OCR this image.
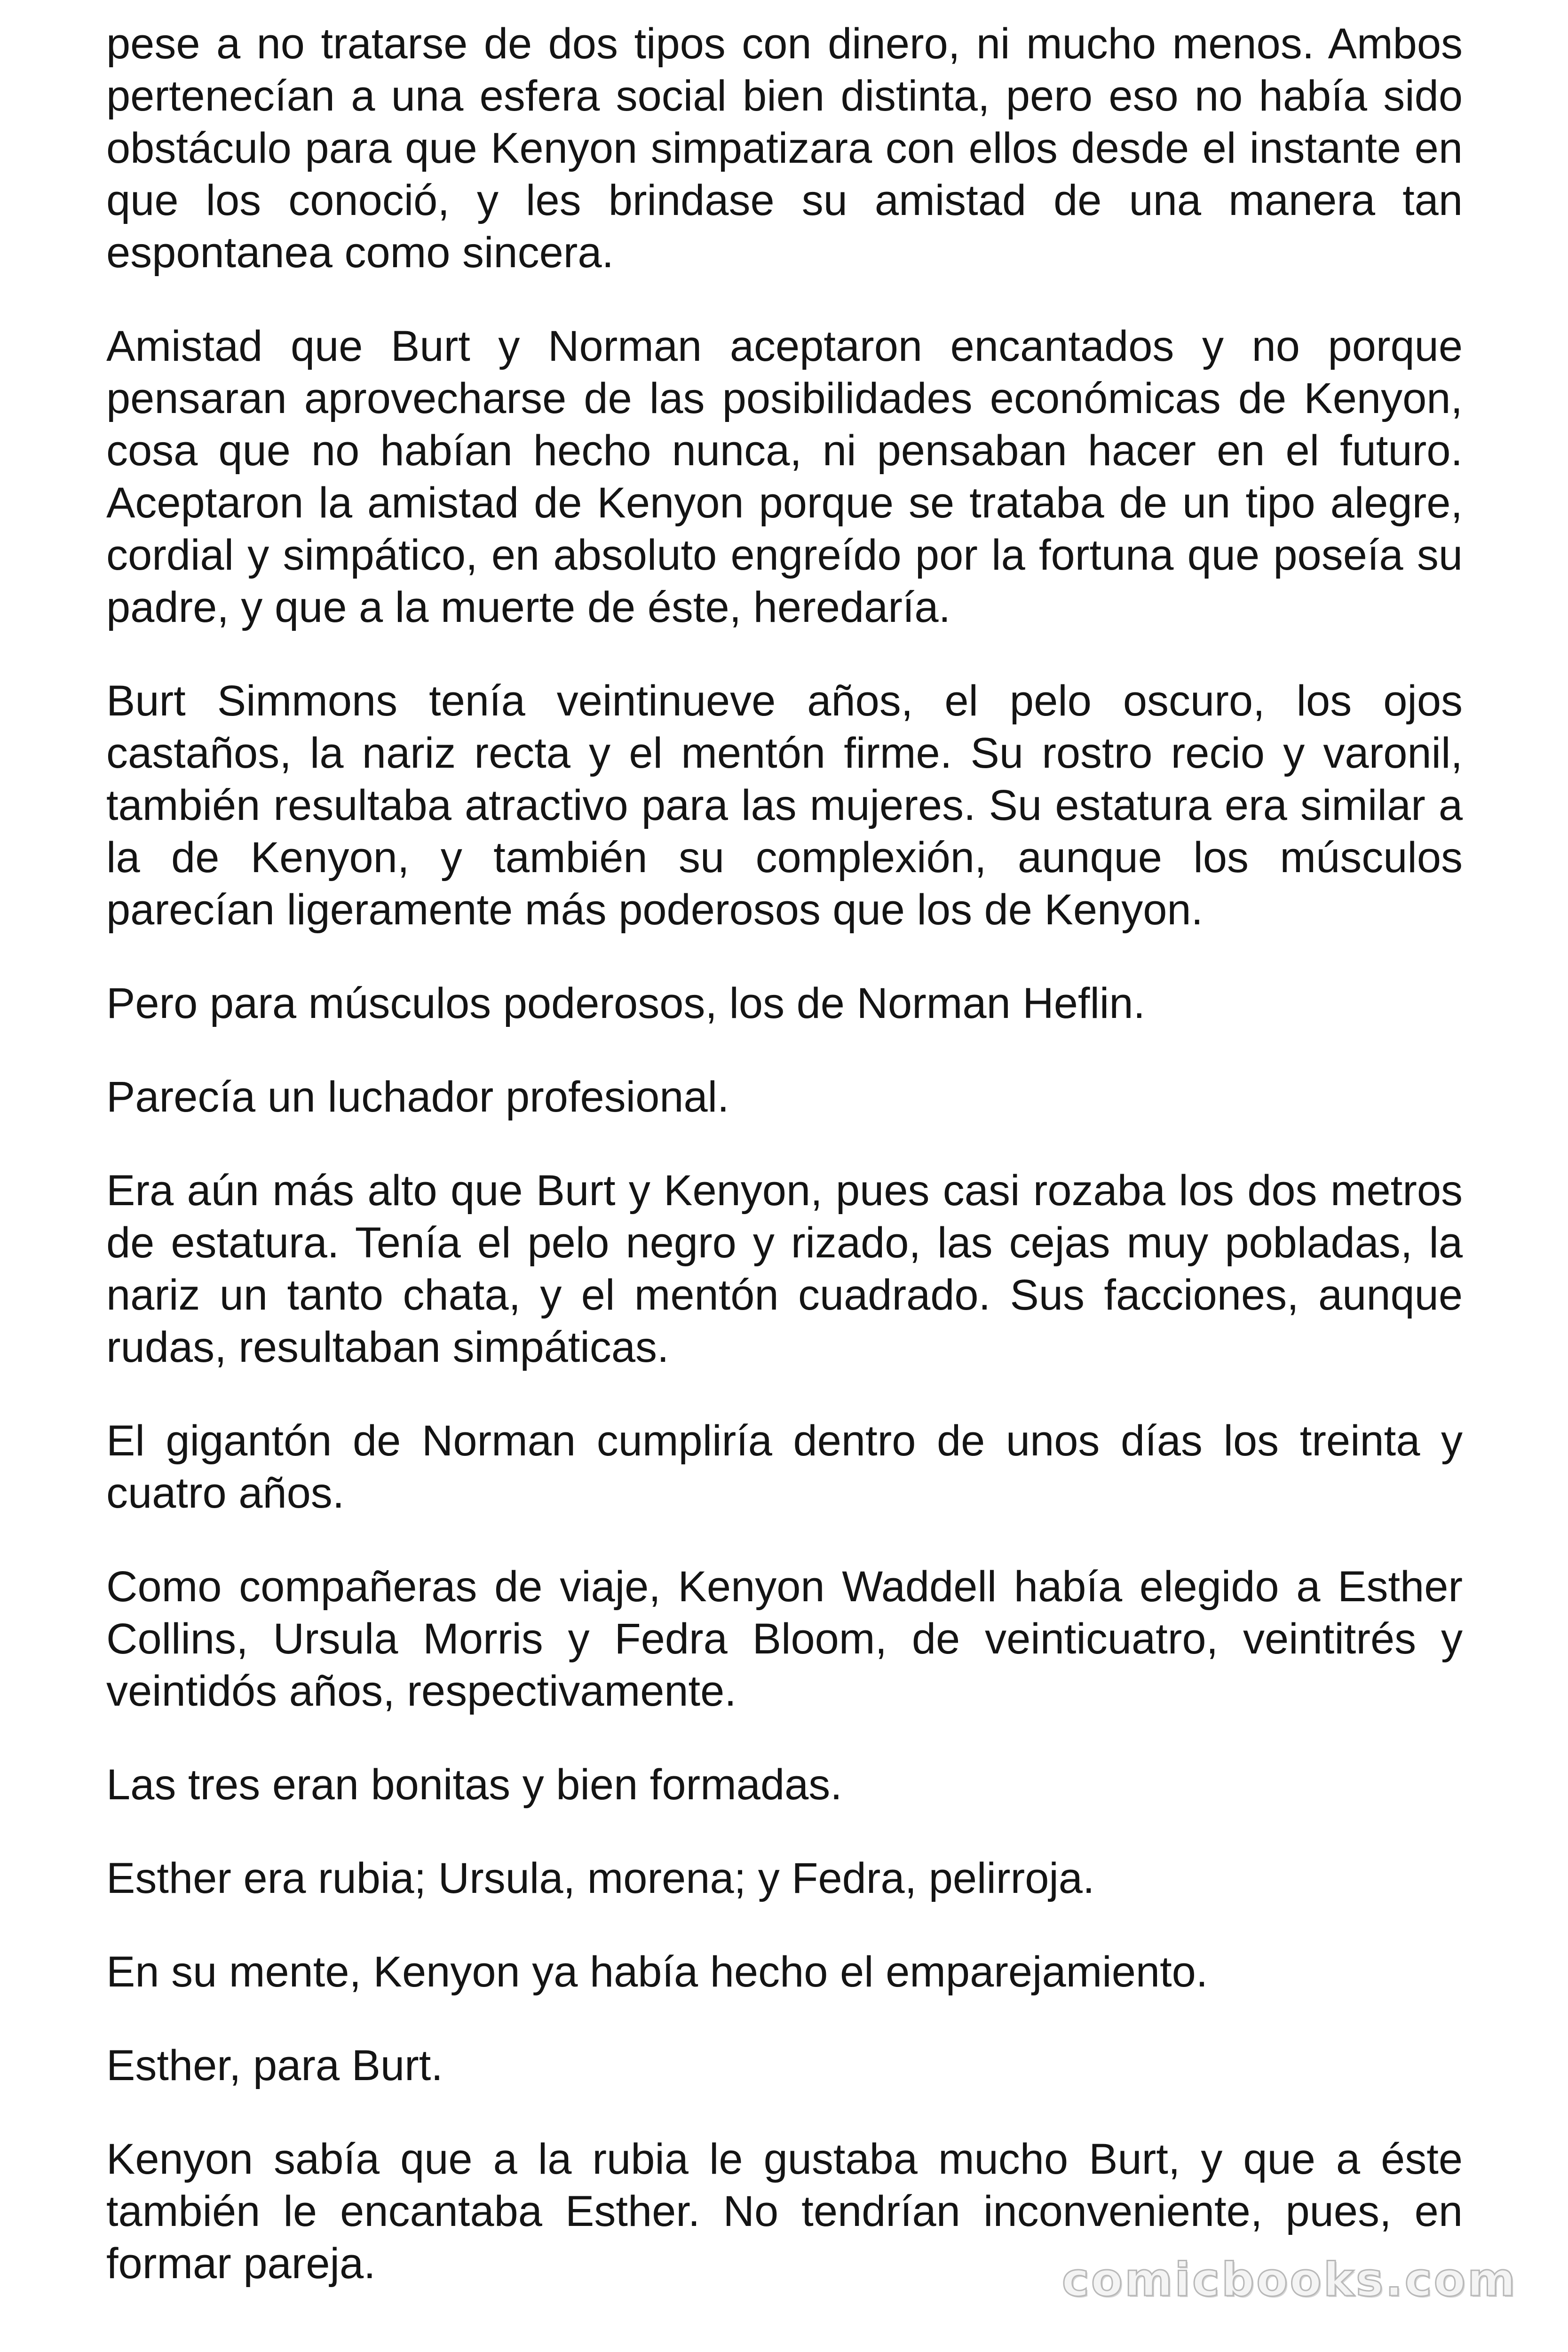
pese a no tratarse de dos tipos con dinero, ni mucho menos. Ambos pertenecían a una esfera social bien distinta, pero eso no había sido obstáculo para que Kenyon simpatizara con ellos desde el instante en que los conoció, y les brindase su amistad de una manera tan espontanea como sincera.

Amistad que Burt y Norman aceptaron encantados y no porque pensaran aprovecharse de las posibilidades económicas de Kenyon, cosa que no habían hecho nunca, ni pensaban hacer en el futuro. Aceptaron la amistad de Kenyon porque se trataba de un tipo alegre, cordial y simpático, en absoluto engreído por la fortuna que poseía su padre, y que a la muerte de éste, heredaría.

Burt Simmons tenía veintinueve años, el pelo oscuro, los ojos castaños, la nariz recta y el mentón firme. Su rostro recio y varonil, también resultaba atractivo para las mujeres. Su estatura era similar a la de Kenyon, y también su complexión, aunque los músculos parecían ligeramente más poderosos que los de Kenyon.

Pero para músculos poderosos, los de Norman Heflin.

Parecía un luchador profesional.

Era aún más alto que Burt y Kenyon, pues casi rozaba los dos metros de estatura. Tenía el pelo negro y rizado, las cejas muy pobladas, la nariz un tanto chata, y el mentón cuadrado. Sus facciones, aunque rudas, resultaban simpáticas.

El gigantón de Norman cumpliría dentro de unos días los treinta y cuatro años.

Como compañeras de viaje, Kenyon Waddell había elegido a Esther Collins, Ursula Morris y Fedra Bloom, de veinticuatro, veintitrés y veintidós años, respectivamente.

Las tres eran bonitas y bien formadas.

Esther era rubia; Ursula, morena; y Fedra, pelirroja.

En su mente, Kenyon ya había hecho el emparejamiento.

Esther, para Burt.

Kenyon sabía que a la rubia le gustaba mucho Burt, y que a éste también le encantaba Esther. No tendrían inconveniente, pues, en formar pareja.	comicbooks.com
